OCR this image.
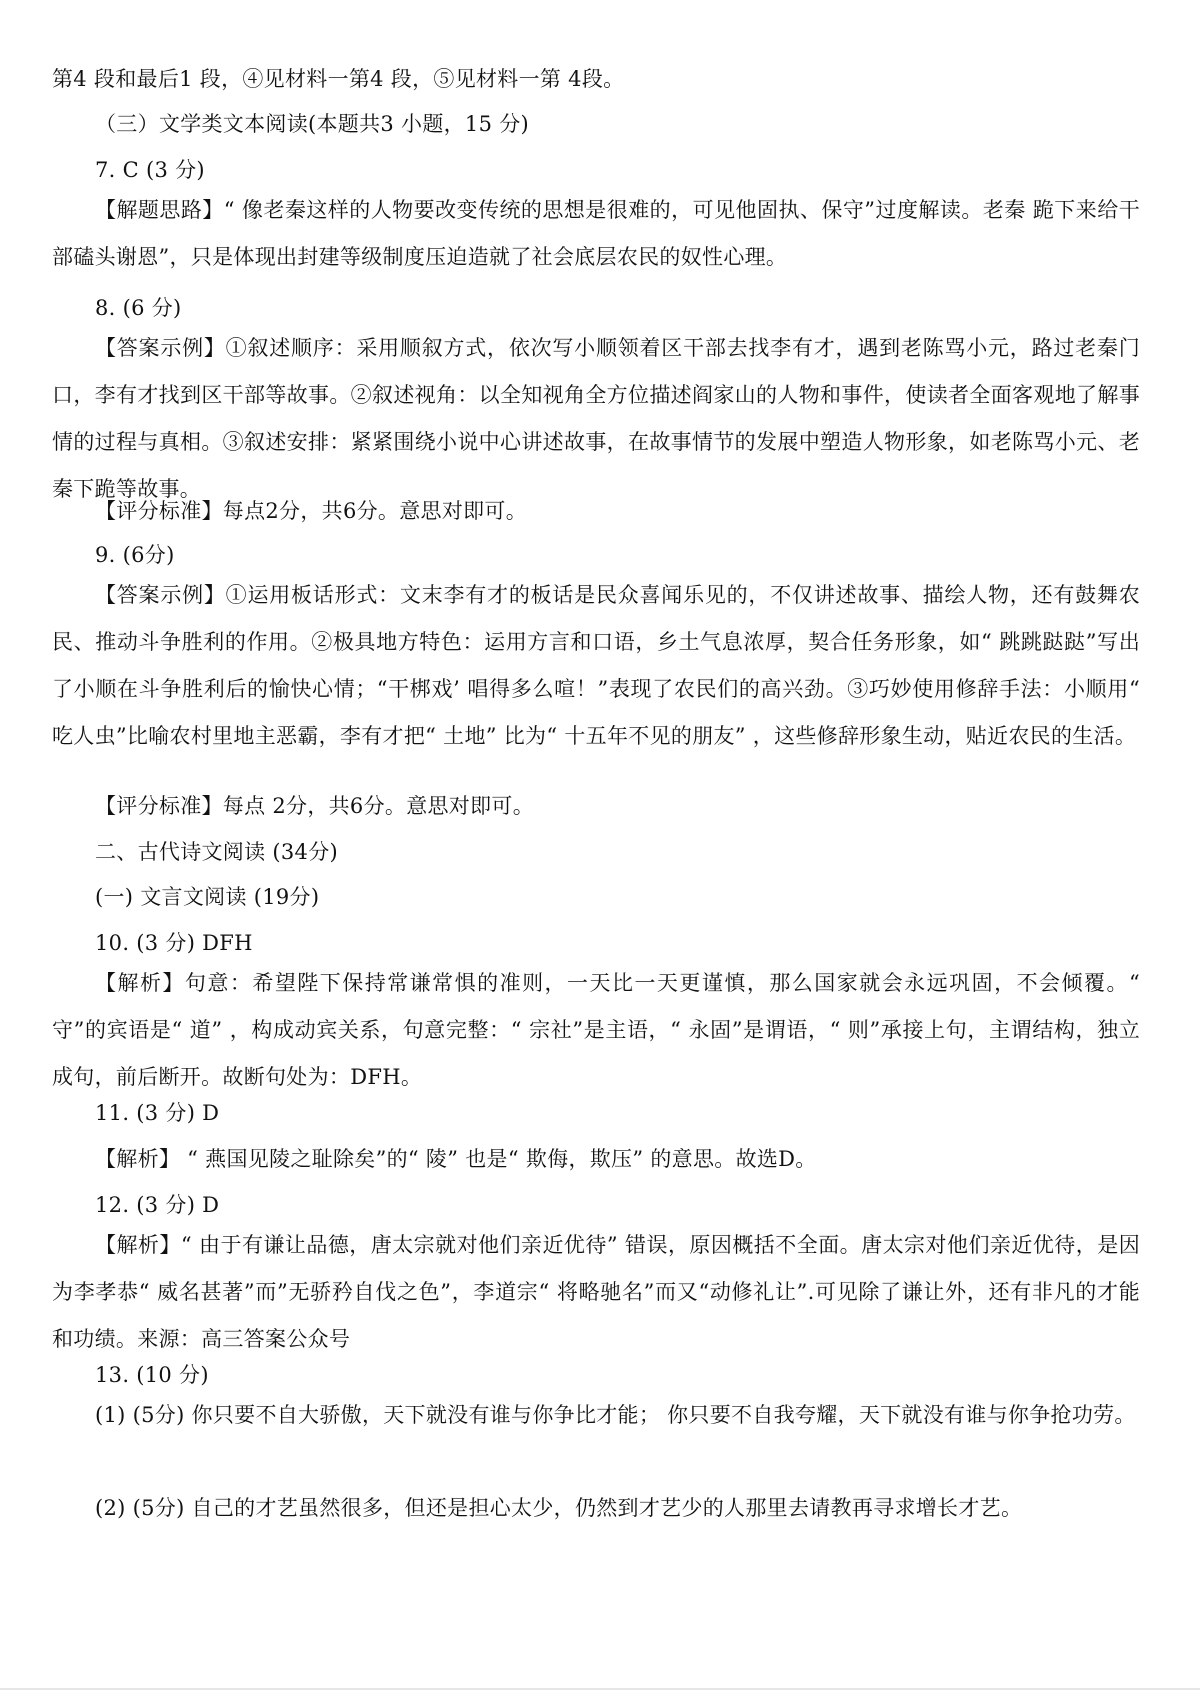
第4 段和最后1 段，④见材料一第4 段，⑤见材料一第 4段。
（三）文学类文本阅读(本题共3 小题，15 分)
7. C (3 分)
【解题思路】“ 像老秦这样的人物要改变传统的思想是很难的，可见他固执、保守”过度解读。老秦 跪下来给干部磕头谢恩”，只是体现出封建等级制度压迫造就了社会底层农民的奴性心理。
8. (6 分)
【答案示例】①叙述顺序：采用顺叙方式，依次写小顺领着区干部去找李有才，遇到老陈骂小元，路过老秦门口，李有才找到区干部等故事。②叙述视角：以全知视角全方位描述阎家山的人物和事件，使读者全面客观地了解事情的过程与真相。③叙述安排：紧紧围绕小说中心讲述故事，在故事情节的发展中塑造人物形象，如老陈骂小元、老秦下跪等故事。
【评分标准】每点2分，共6分。意思对即可。
9. (6分)
【答案示例】①运用板话形式：文末李有才的板话是民众喜闻乐见的，不仅讲述故事、描绘人物，还有鼓舞农民、推动斗争胜利的作用。②极具地方特色：运用方言和口语，乡土气息浓厚，契合任务形象，如“ 跳跳跶跶”写出了小顺在斗争胜利后的愉快心情；“干梆戏’ 唱得多么喧！”表现了农民们的高兴劲。③巧妙使用修辞手法：小顺用“ 吃人虫”比喻农村里地主恶霸，李有才把“ 土地” 比为“ 十五年不见的朋友” ，这些修辞形象生动，贴近农民的生活。
【评分标准】每点 2分，共6分。意思对即可。
二、古代诗文阅读 (34分)
(一) 文言文阅读 (19分)
10. (3 分) DFH
【解析】句意：希望陛下保持常谦常惧的准则，一天比一天更谨慎，那么国家就会永远巩固，不会倾覆。“ 守”的宾语是“ 道” ，构成动宾关系，句意完整：“ 宗社”是主语，“ 永固”是谓语，“ 则”承接上句，主谓结构，独立成句，前后断开。故断句处为：DFH。
11. (3 分) D
【解析】 “ 燕国见陵之耻除矣”的“ 陵” 也是“ 欺侮，欺压” 的意思。故选D。
12. (3 分) D
【解析】“ 由于有谦让品德，唐太宗就对他们亲近优待” 错误，原因概括不全面。唐太宗对他们亲近优待，是因为李孝恭“ 威名甚著”而”无骄矜自伐之色”，李道宗“ 将略驰名”而又“动修礼让”.可见除了谦让外，还有非凡的才能和功绩。来源：高三答案公众号
13. (10 分)
(1) (5分) 你只要不自大骄傲，天下就没有谁与你争比才能； 你只要不自我夸耀，天下就没有谁与你争抢功劳。
(2) (5分) 自己的才艺虽然很多，但还是担心太少，仍然到才艺少的人那里去请教再寻求增长才艺。
